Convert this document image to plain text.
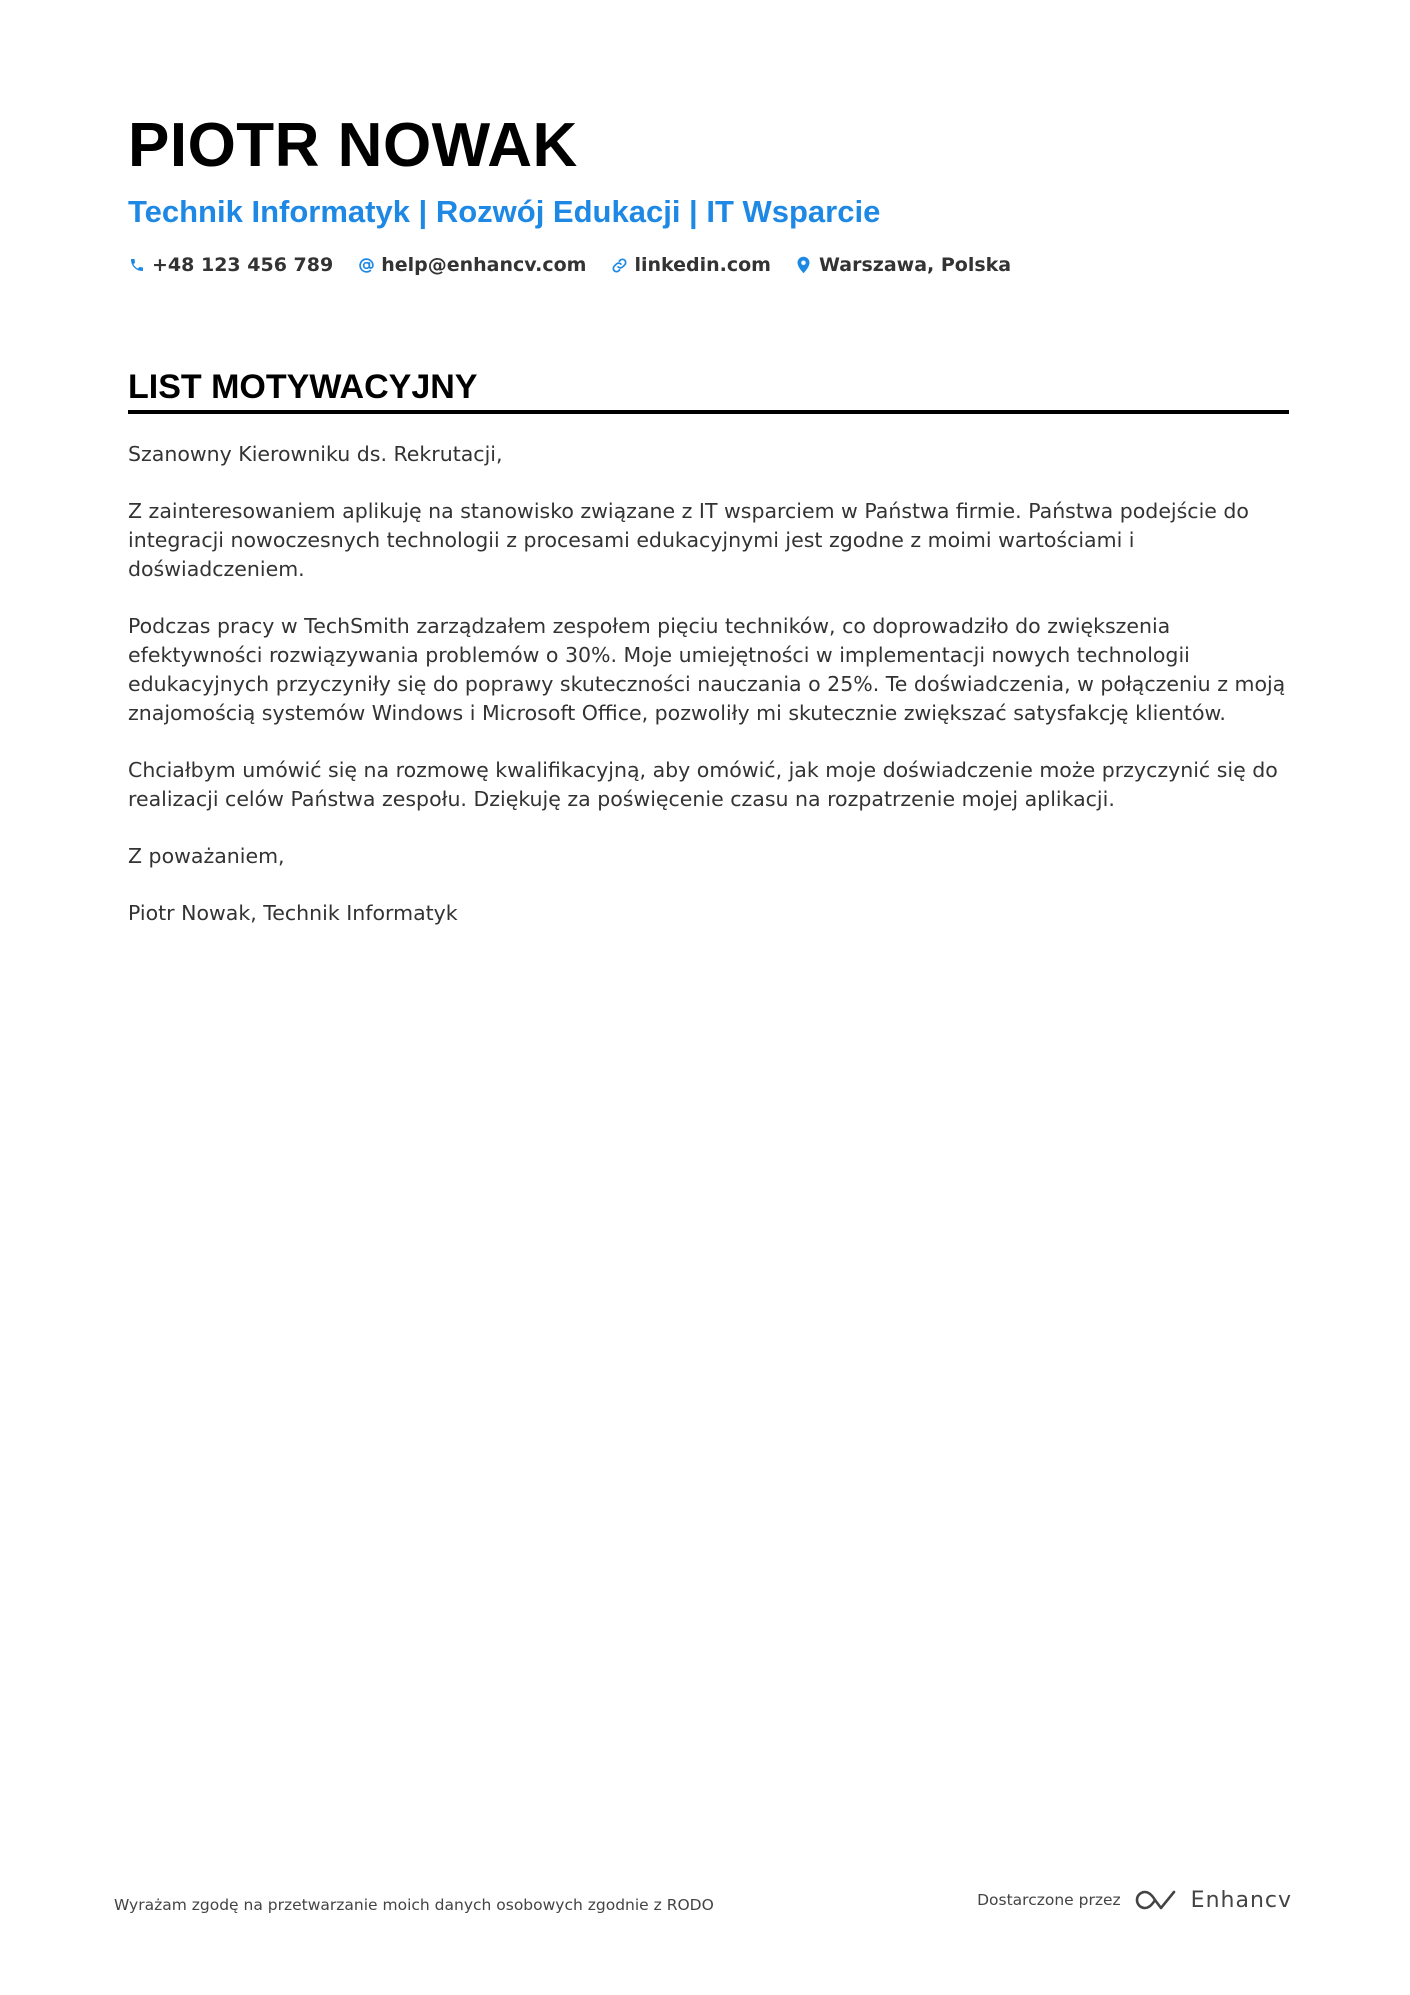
PIOTR NOWAK
Technik Informatyk | Rozwój Edukacji | IT Wsparcie
+48 123 456 789	help@enhancv.com	linkedin.com	Warszawa, Polska
LIST MOTYWACYJNY

Szanowny Kierowniku ds. Rekrutacji,

Z zainteresowaniem aplikuję na stanowisko związane z IT wsparciem w Państwa firmie. Państwa podejście do integracji nowoczesnych technologii z procesami edukacyjnymi jest zgodne z moimi wartościami i doświadczeniem.

Podczas pracy w TechSmith zarządzałem zespołem pięciu techników, co doprowadziło do zwiększenia efektywności rozwiązywania problemów o 30%. Moje umiejętności w implementacji nowych technologii edukacyjnych przyczyniły się do poprawy skuteczności nauczania o 25%. Te doświadczenia, w połączeniu z moją znajomością systemów Windows i Microsoft Office, pozwoliły mi skutecznie zwiększać satysfakcję klientów.

Chciałbym umówić się na rozmowę kwalifikacyjną, aby omówić, jak moje doświadczenie może przyczynić się do realizacji celów Państwa zespołu. Dziękuję za poświęcenie czasu na rozpatrzenie mojej aplikacji.

Z poważaniem,

Piotr Nowak, Technik Informatyk

Wyrażam zgodę na przetwarzanie moich danych osobowych zgodnie z RODO	Dostarczone przez	Enhancv
